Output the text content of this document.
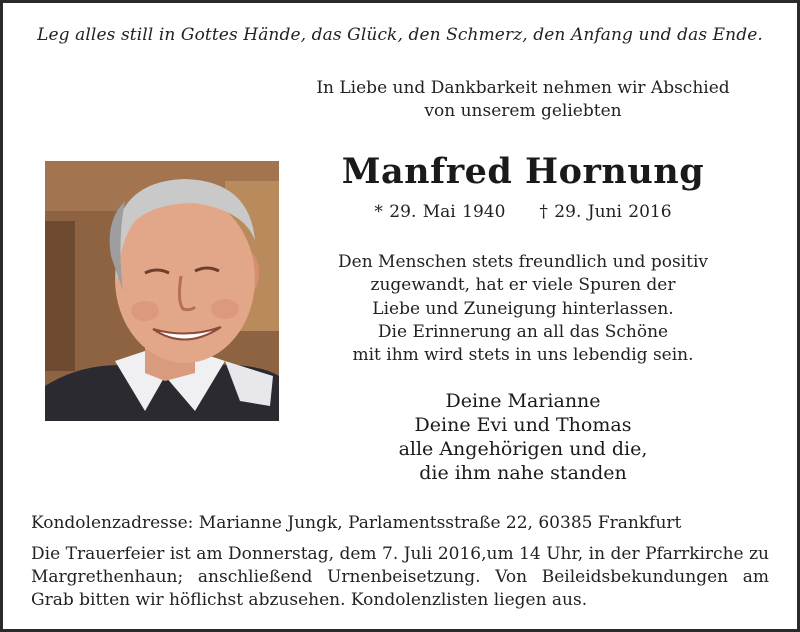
Leg alles still in Gottes Hände, das Glück, den Schmerz, den Anfang und das Ende.
In Liebe und Dankbarkeit nehmen wir Abschied
von unserem geliebten
Manfred Hornung
* 29. Mai 1940 † 29. Juni 2016
Den Menschen stets freundlich und positiv
zugewandt, hat er viele Spuren der
Liebe und Zuneigung hinterlassen.
Die Erinnerung an all das Schöne
mit ihm wird stets in uns lebendig sein.
Deine Marianne
Deine Evi und Thomas
alle Angehörigen und die,
die ihm nahe standen
Kondolenzadresse: Marianne Jungk, Parlamentsstraße 22, 60385 Frankfurt
Die Trauerfeier ist am Donnerstag, dem 7. Juli 2016,um 14 Uhr, in der Pfarrkirche zu Margrethenhaun; anschließend Urnenbeisetzung. Von Beileidsbekundungen am Grab bitten wir höflichst abzusehen. Kondolenzlisten liegen aus.
